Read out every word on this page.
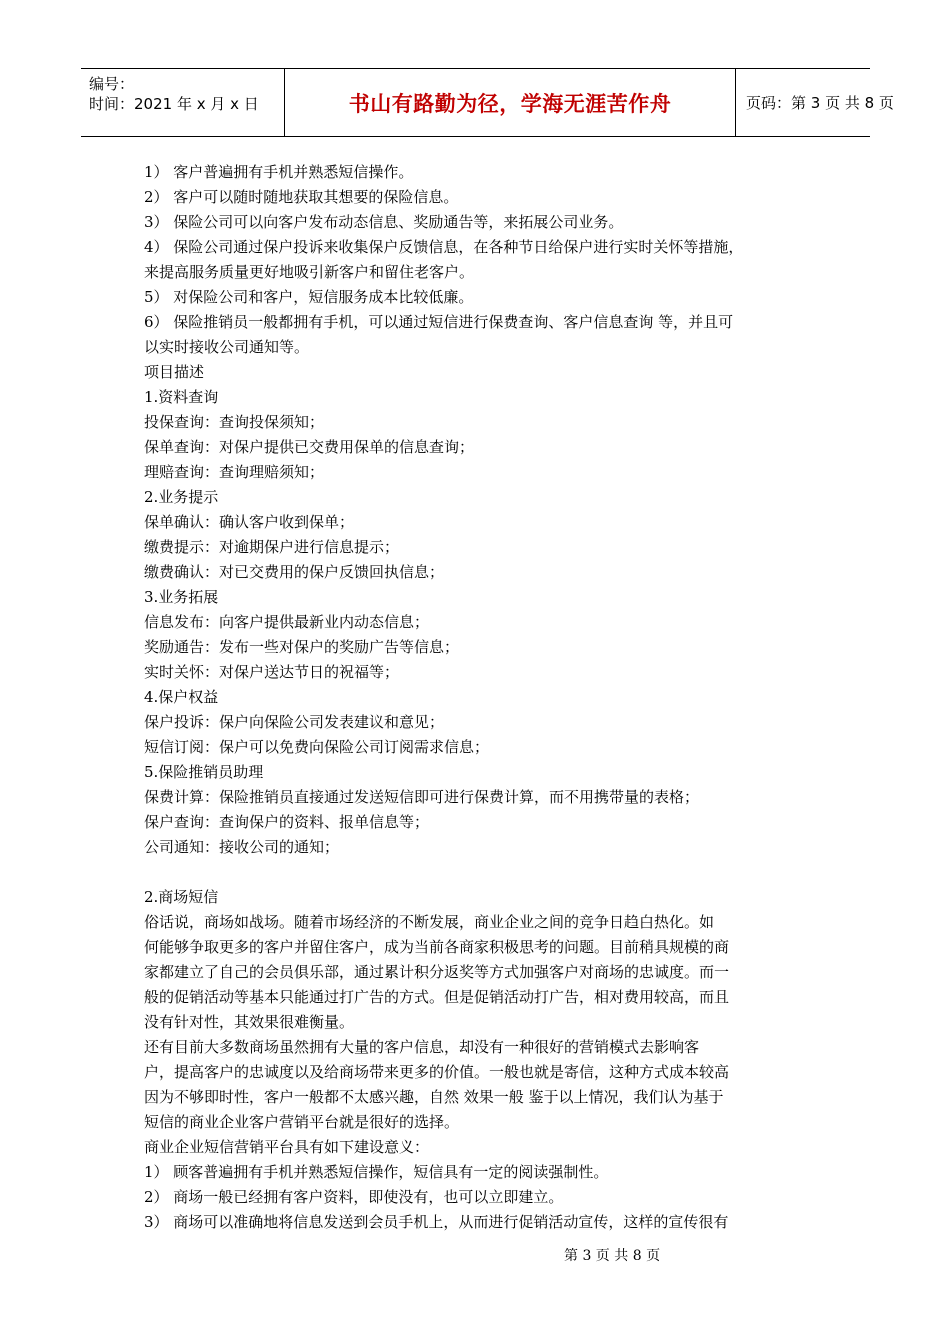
编号：
时间：2021 年 x 月 x 日	书山有路勤为径，学海无涯苦作舟	页码：第 3 页 共 8 页
1） 客户普遍拥有手机并熟悉短信操作。
2） 客户可以随时随地获取其想要的保险信息。
3） 保险公司可以向客户发布动态信息、奖励通告等，来拓展公司业务。
4） 保险公司通过保户投诉来收集保户反馈信息，在各种节日给保户进行实时关怀等措施，
来提高服务质量更好地吸引新客户和留住老客户。
5） 对保险公司和客户，短信服务成本比较低廉。
6） 保险推销员一般都拥有手机，可以通过短信进行保费查询、客户信息查询 等，并且可
以实时接收公司通知等。
项目描述
1.资料查询
投保查询：查询投保须知；
保单查询：对保户提供已交费用保单的信息查询；
理赔查询：查询理赔须知；
2.业务提示
保单确认：确认客户收到保单；
缴费提示：对逾期保户进行信息提示；
缴费确认：对已交费用的保户反馈回执信息；
3.业务拓展
信息发布：向客户提供最新业内动态信息；
奖励通告：发布一些对保户的奖励广告等信息；
实时关怀：对保户送达节日的祝福等；
4.保户权益
保户投诉：保户向保险公司发表建议和意见；
短信订阅：保户可以免费向保险公司订阅需求信息；
5.保险推销员助理
保费计算：保险推销员直接通过发送短信即可进行保费计算，而不用携带量的表格；
保户查询：查询保户的资料、报单信息等；
公司通知：接收公司的通知；
2.商场短信
俗话说，商场如战场。随着市场经济的不断发展，商业企业之间的竞争日趋白热化。如
何能够争取更多的客户并留住客户，成为当前各商家积极思考的问题。目前稍具规模的商
家都建立了自己的会员俱乐部，通过累计积分返奖等方式加强客户对商场的忠诚度。而一
般的促销活动等基本只能通过打广告的方式。但是促销活动打广告，相对费用较高，而且
没有针对性，其效果很难衡量。
还有目前大多数商场虽然拥有大量的客户信息，却没有一种很好的营销模式去影响客
户，提高客户的忠诚度以及给商场带来更多的价值。一般也就是寄信，这种方式成本较高
因为不够即时性，客户一般都不太感兴趣，自然 效果一般 鉴于以上情况，我们认为基于
短信的商业企业客户营销平台就是很好的选择。
商业企业短信营销平台具有如下建设意义：
1） 顾客普遍拥有手机并熟悉短信操作，短信具有一定的阅读强制性。
2） 商场一般已经拥有客户资料，即使没有，也可以立即建立。
3） 商场可以准确地将信息发送到会员手机上，从而进行促销活动宣传，这样的宣传很有
第 3 页 共 8 页
